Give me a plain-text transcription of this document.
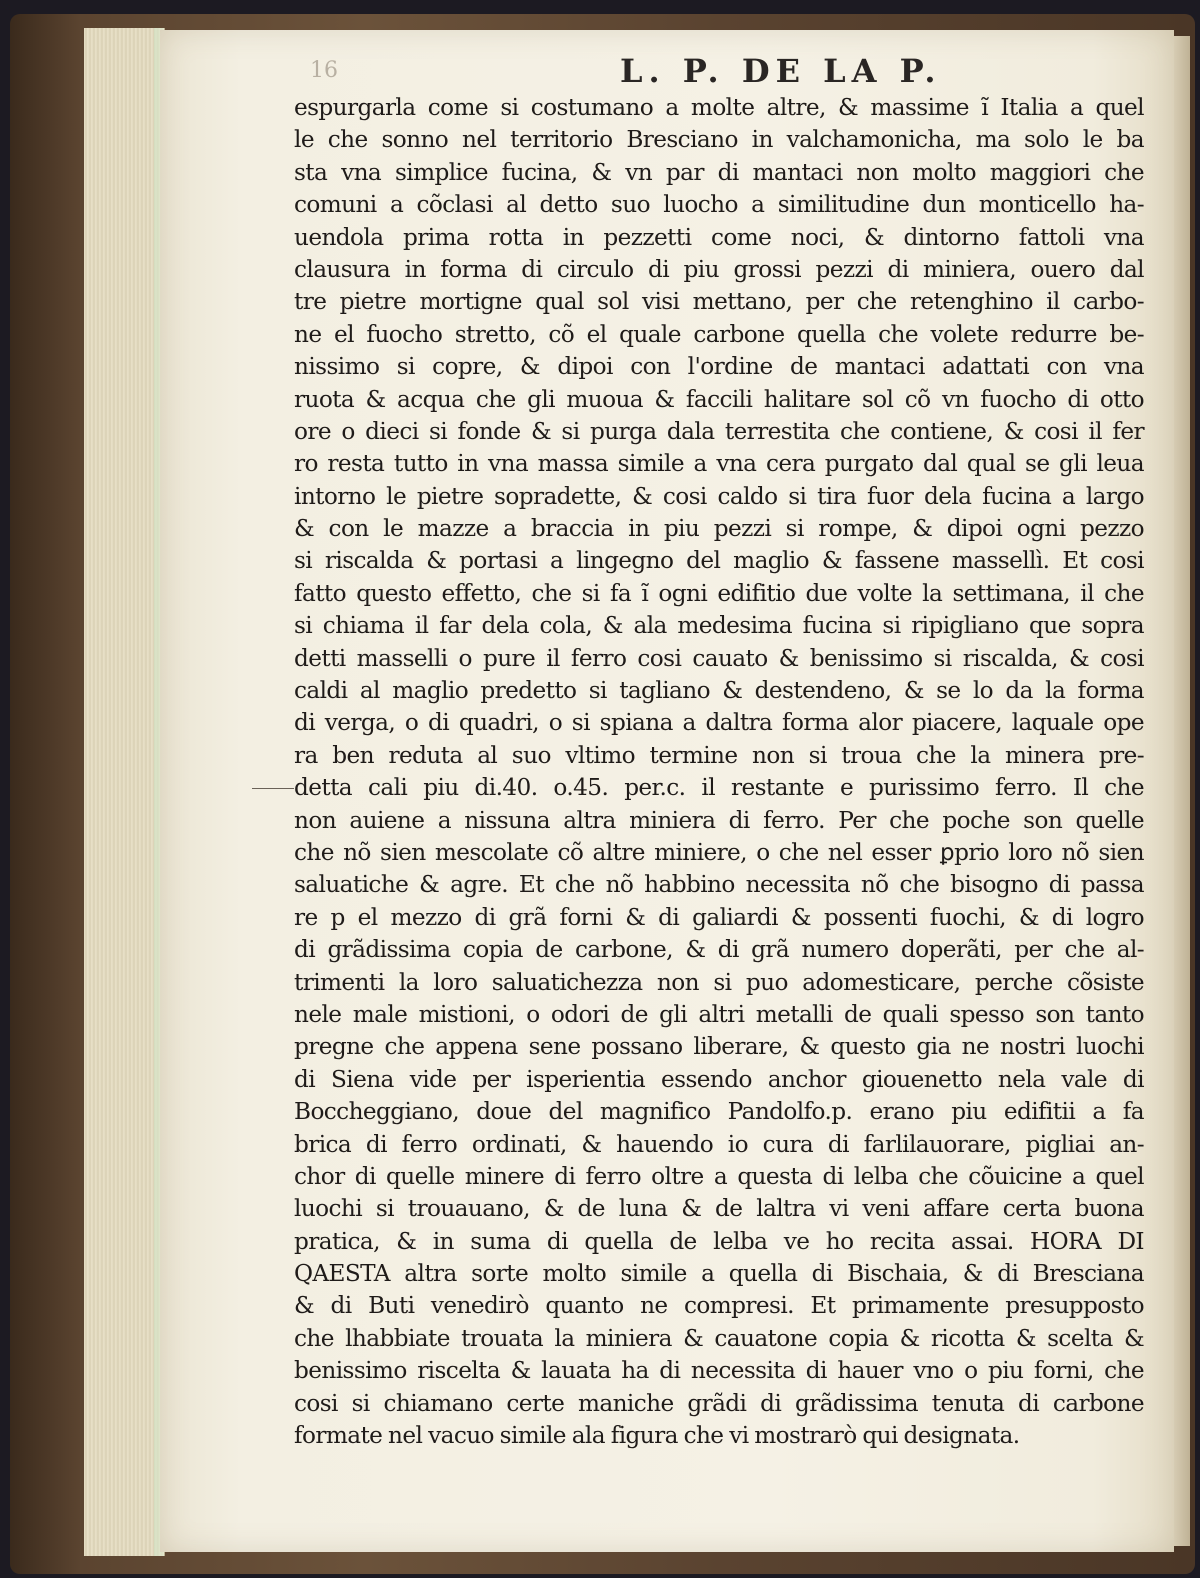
16	L. P. DE LA P.
espurgarla come si costumano a molte altre, & massime ĩ Italia a quel
le che sonno nel territorio Bresciano in valchamonicha, ma solo le ba
sta vna simplice fucina, & vn par di mantaci non molto maggiori che
comuni a cõclasi al detto suo luocho a similitudine dun monticello ha-
uendola prima rotta in pezzetti come noci, & dintorno fattoli vna
clausura in forma di circulo di piu grossi pezzi di miniera, ouero dal
tre pietre mortigne qual sol visi mettano, per che retenghino il carbo-
ne el fuocho stretto, cõ el quale carbone quella che volete redurre be-
nissimo si copre, & dipoi con l'ordine de mantaci adattati con vna
ruota & acqua che gli muoua & faccili halitare sol cõ vn fuocho di otto
ore o dieci si fonde & si purga dala terrestita che contiene, & cosi il fer
ro resta tutto in vna massa simile a vna cera purgato dal qual se gli leua
intorno le pietre sopradette, & cosi caldo si tira fuor dela fucina a largo
& con le mazze a braccia in piu pezzi si rompe, & dipoi ogni pezzo
si riscalda & portasi a lingegno del maglio & fassene massellì. Et cosi
fatto questo effetto, che si fa ĩ ogni edifitio due volte la settimana, il che
si chiama il far dela cola, & ala medesima fucina si ripigliano que sopra
detti masselli o pure il ferro cosi cauato & benissimo si riscalda, & cosi
caldi al maglio predetto si tagliano & destendeno, & se lo da la forma
di verga, o di quadri, o si spiana a daltra forma alor piacere, laquale ope
ra ben reduta al suo vltimo termine non si troua che la minera pre-
detta cali piu di.40. o.45. per.c. il restante e purissimo ferro. Il che
non auiene a nissuna altra miniera di ferro. Per che poche son quelle
che nõ sien mescolate cõ altre miniere, o che nel esser ꝑprio loro nõ sien
saluatiche & agre. Et che nõ habbino necessita nõ che bisogno di passa
re p el mezzo di grã forni & di galiardi & possenti fuochi, & di logro
di grãdissima copia de carbone, & di grã numero doperãti, per che al-
trimenti la loro saluatichezza non si puo adomesticare, perche cõsiste
nele male mistioni, o odori de gli altri metalli de quali spesso son tanto
pregne che appena sene possano liberare, & questo gia ne nostri luochi
di Siena vide per isperientia essendo anchor giouenetto nela vale di
Boccheggiano, doue del magnifico Pandolfo.p. erano piu edifitii a fa
brica di ferro ordinati, & hauendo io cura di farlilauorare, pigliai an-
chor di quelle minere di ferro oltre a questa di lelba che cõuicine a quel
luochi si trouauano, & de luna & de laltra vi veni affare certa buona
pratica, & in suma di quella de lelba ve ho recita assai. HORA DI
QAESTA altra sorte molto simile a quella di Bischaia, & di Bresciana
& di Buti venedirò quanto ne compresi. Et primamente presupposto
che lhabbiate trouata la miniera & cauatone copia & ricotta & scelta &
benissimo riscelta & lauata ha di necessita di hauer vno o piu forni, che
cosi si chiamano certe maniche grãdi di grãdissima tenuta di carbone
formate nel vacuo simile ala figura che vi mostrarò qui designata.
